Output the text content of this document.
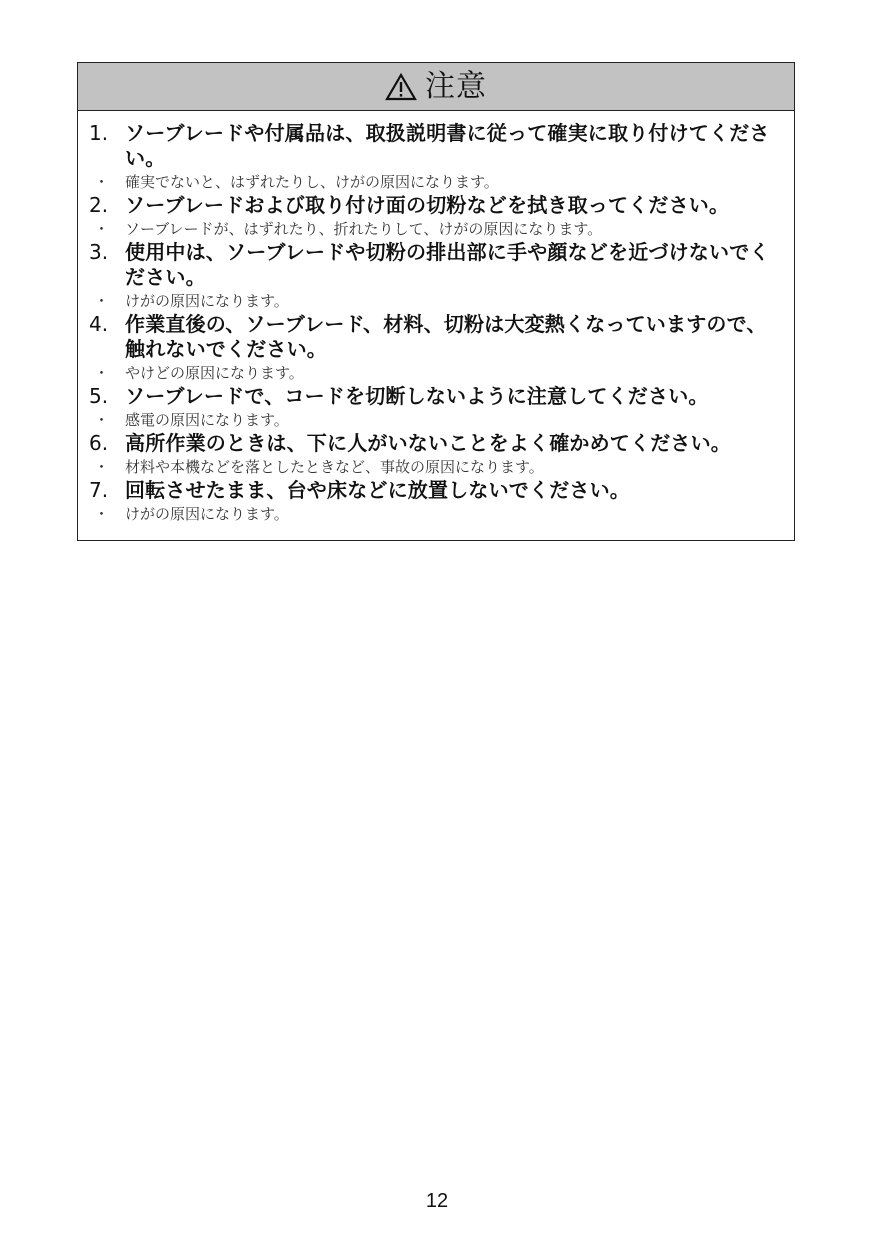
注意
1. ソーブレードや付属品は、取扱説明書に従って確実に取り付けてください。
・	確実でないと、はずれたりし、けがの原因になります。
2. ソーブレードおよび取り付け面の切粉などを拭き取ってください。
・	ソーブレードが、はずれたり、折れたりして、けがの原因になります。
3. 使用中は、ソーブレードや切粉の排出部に手や顔などを近づけないでください。
・	けがの原因になります。
4. 作業直後の、ソーブレード、材料、切粉は大変熱くなっていますので、触れないでください。
・	やけどの原因になります。
5. ソーブレードで、コードを切断しないように注意してください。
・	感電の原因になります。
6. 高所作業のときは、下に人がいないことをよく確かめてください。
・	材料や本機などを落としたときなど、事故の原因になります。
7. 回転させたまま、台や床などに放置しないでください。
・	けがの原因になります。
12
